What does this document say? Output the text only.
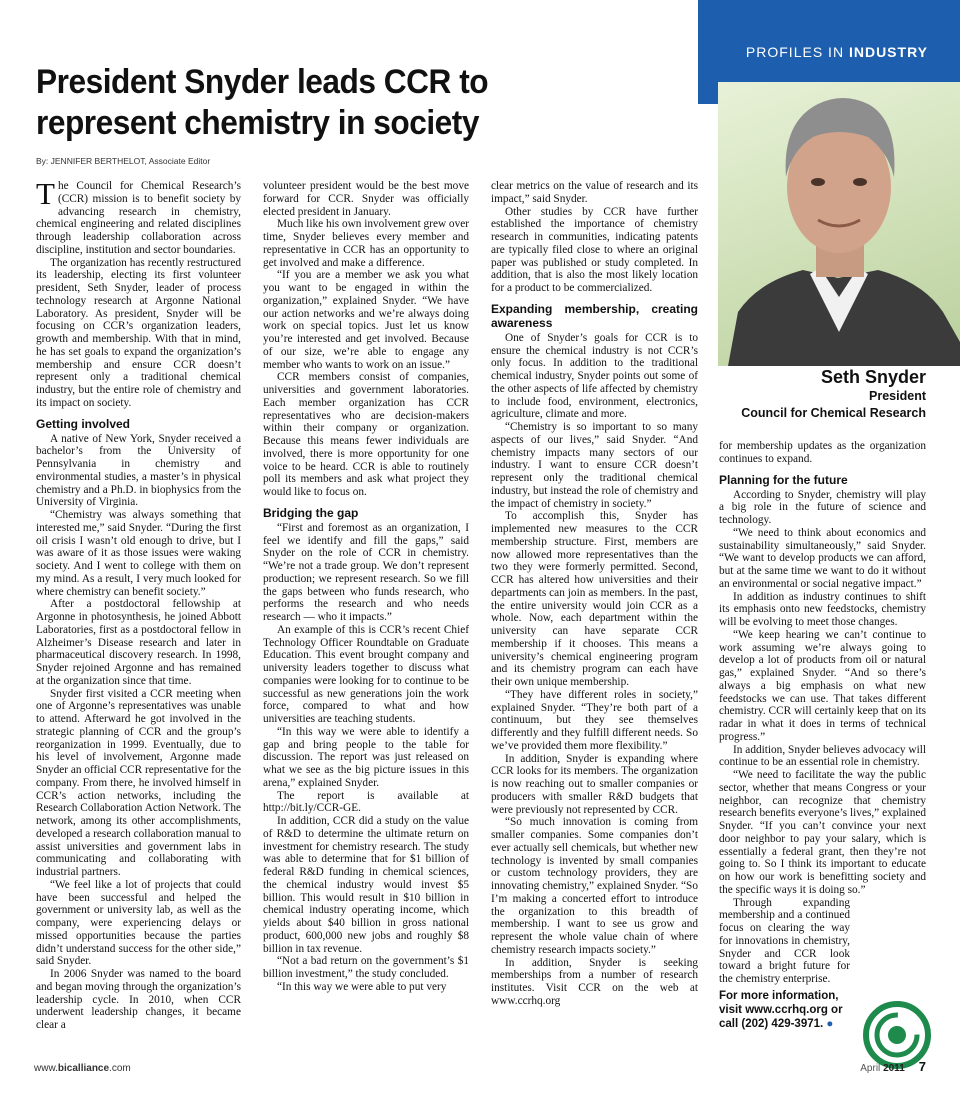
PROFILES IN INDUSTRY
President Snyder leads CCR to represent chemistry in society
By: JENNIFER BERTHELOT, Associate Editor
Seth Snyder
President
Council for Chemical Research

The Council for Chemical Research’s (CCR) mission is to benefit society by advancing research in chemistry, chemical engineering and related disciplines through leadership collaboration across discipline, institution and sector boundaries.

The organization has recently restructured its leadership, electing its first volunteer president, Seth Snyder, leader of process technology research at Argonne National Laboratory. As president, Snyder will be focusing on CCR’s organization leaders, growth and membership. With that in mind, he has set goals to expand the organization’s membership and ensure CCR doesn’t represent only a traditional chemical industry, but the entire role of chemistry and its impact on society.

Getting involved

A native of New York, Snyder received a bachelor’s from the University of Pennsylvania in chemistry and environmental studies, a master’s in physical chemistry and a Ph.D. in biophysics from the University of Virginia.

“Chemistry was always something that interested me,” said Snyder. “During the first oil crisis I wasn’t old enough to drive, but I was aware of it as those issues were waking society. And I went to college with them on my mind. As a result, I very much looked for where chemistry can benefit society.”

After a postdoctoral fellowship at Argonne in photosynthesis, he joined Abbott Laboratories, first as a postdoctoral fellow in Alzheimer’s Disease research and later in pharmaceutical discovery research. In 1998, Snyder rejoined Argonne and has remained at the organization since that time.

Snyder first visited a CCR meeting when one of Argonne’s representatives was unable to attend. Afterward he got involved in the strategic planning of CCR and the group’s reorganization in 1999. Eventually, due to his level of involvement, Argonne made Snyder an official CCR representative for the company. From there, he involved himself in CCR’s action networks, including the Research Collaboration Action Network. The network, among its other accomplishments, developed a research collaboration manual to assist universities and government labs in communicating and collaborating with industrial partners.

“We feel like a lot of projects that could have been successful and helped the government or university lab, as well as the company, were experiencing delays or missed opportunities because the parties didn’t understand success for the other side,” said Snyder.

In 2006 Snyder was named to the board and began moving through the organization’s leadership cycle. In 2010, when CCR underwent leadership changes, it became clear a

volunteer president would be the best move forward for CCR. Snyder was officially elected president in January.

Much like his own involvement grew over time, Snyder believes every member and representative in CCR has an opportunity to get involved and make a difference.

“If you are a member we ask you what you want to be engaged in within the organization,” explained Snyder. “We have our action networks and we’re always doing work on special topics. Just let us know you’re interested and get involved. Because of our size, we’re able to engage any member who wants to work on an issue.”

CCR members consist of companies, universities and government laboratories. Each member organization has CCR representatives who are decision-makers within their company or organization. Because this means fewer individuals are involved, there is more opportunity for one voice to be heard. CCR is able to routinely poll its members and ask what project they would like to focus on.

Bridging the gap

“First and foremost as an organization, I feel we identify and fill the gaps,” said Snyder on the role of CCR in chemistry. “We’re not a trade group. We don’t represent production; we represent research. So we fill the gaps between who funds research, who performs the research and who needs research — who it impacts.”

An example of this is CCR’s recent Chief Technology Officer Roundtable on Graduate Education. This event brought company and university leaders together to discuss what companies were looking for to continue to be successful as new generations join the work force, compared to what and how universities are teaching students.

“In this way we were able to identify a gap and bring people to the table for discussion. The report was just released on what we see as the big picture issues in this arena,” explained Snyder.

The report is available at http://bit.ly/CCR-GE.

In addition, CCR did a study on the value of R&D to determine the ultimate return on investment for chemistry research. The study was able to determine that for $1 billion of federal R&D funding in chemical sciences, the chemical industry would invest $5 billion. This would result in $10 billion in chemical industry operating income, which yields about $40 billion in gross national product, 600,000 new jobs and roughly $8 billion in tax revenue.

“Not a bad return on the government’s $1 billion investment,” the study concluded.

“In this way we were able to put very

clear metrics on the value of research and its impact,” said Snyder.

Other studies by CCR have further established the importance of chemistry research in communities, indicating patents are typically filed close to where an original paper was published or study completed. In addition, that is also the most likely location for a product to be commercialized.

Expanding membership, creating awareness

One of Snyder’s goals for CCR is to ensure the chemical industry is not CCR’s only focus. In addition to the traditional chemical industry, Snyder points out some of the other aspects of life affected by chemistry to include food, environment, electronics, agriculture, climate and more.

“Chemistry is so important to so many aspects of our lives,” said Snyder. “And chemistry impacts many sectors of our industry. I want to ensure CCR doesn’t represent only the traditional chemical industry, but instead the role of chemistry and the impact of chemistry in society.”

To accomplish this, Snyder has implemented new measures to the CCR membership structure. First, members are now allowed more representatives than the two they were formerly permitted. Second, CCR has altered how universities and their departments can join as members. In the past, the entire university would join CCR as a whole. Now, each department within the university can have separate CCR membership if it chooses. This means a university’s chemical engineering program and its chemistry program can each have their own unique membership.

“They have different roles in society,” explained Snyder. “They’re both part of a continuum, but they see themselves differently and they fulfill different needs. So we’ve provided them more flexibility.”

In addition, Snyder is expanding where CCR looks for its members. The organization is now reaching out to smaller companies or producers with smaller R&D budgets that were previously not represented by CCR.

“So much innovation is coming from smaller companies. Some companies don’t ever actually sell chemicals, but whether new technology is invented by small companies or custom technology providers, they are innovating chemistry,” explained Snyder. “So I’m making a concerted effort to introduce the organization to this breadth of membership. I want to see us grow and represent the whole value chain of where chemistry research impacts society.”

In addition, Snyder is seeking memberships from a number of research institutes. Visit CCR on the web at www.ccrhq.org

for membership updates as the organization continues to expand.

Planning for the future

According to Snyder, chemistry will play a big role in the future of science and technology.

“We need to think about economics and sustainability simultaneously,” said Snyder. “We want to develop products we can afford, but at the same time we want to do it without an environmental or social negative impact.”

In addition as industry continues to shift its emphasis onto new feedstocks, chemistry will be evolving to meet those changes.

“We keep hearing we can’t continue to work assuming we’re always going to develop a lot of products from oil or natural gas,” explained Snyder. “And so there’s always a big emphasis on what new feedstocks we can use. That takes different chemistry. CCR will certainly keep that on its radar in what it does in terms of technical progress.”

In addition, Snyder believes advocacy will continue to be an essential role in chemistry.

“We need to facilitate the way the public sector, whether that means Congress or your neighbor, can recognize that chemistry research benefits everyone’s lives,” explained Snyder. “If you can’t convince your next door neighbor to pay your salary, which is essentially a federal grant, then they’re not going to. So I think its important to educate on how our work is benefitting society and the specific ways it is doing so.”

Through expanding membership and a continued focus on clearing the way for innovations in chemistry, Snyder and CCR look toward a bright future for the chemistry enterprise.

For more information, visit www.ccrhq.org or call (202) 429-3971. ●
www.bicalliance.com	April 2011 7
